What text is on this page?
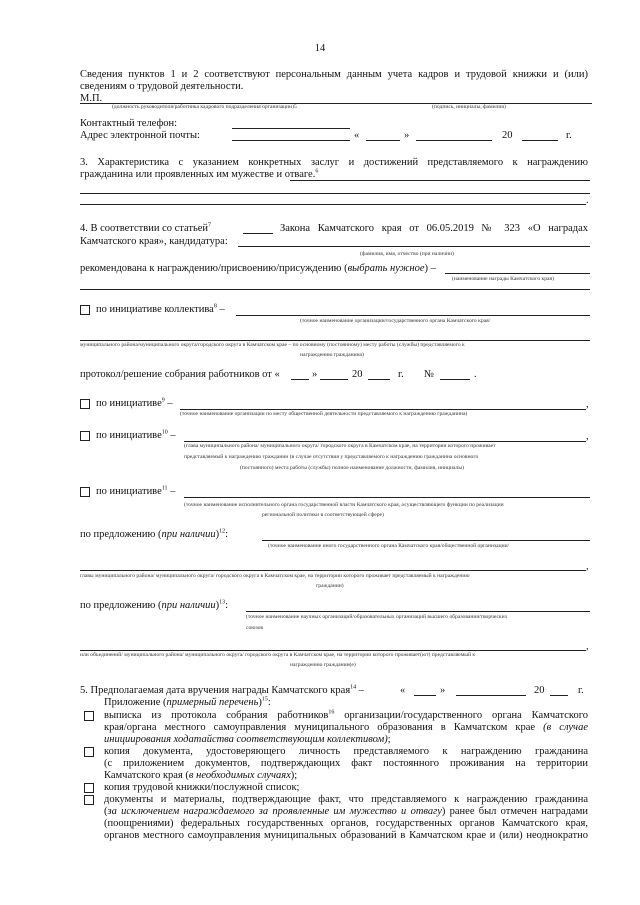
14
Сведения пунктов 1 и 2 соответствуют персональным данным учета кадров и трудовой книжки и (или)
сведениям о трудовой деятельности.
М.П.
(должность руководителя/работника кадрового подразделения организации)5	(подпись, инициалы, фамилия)
Контактный телефон:
Адрес электронной почты:	«	»	20	г.
3. Характеристика с указанием конкретных заслуг и достижений представляемого к награждению
гражданина или проявленных им мужестве и отваге.$^6$
.
4. В соответствии со статьей$^7$	Закона Камчатского края от 06.05.2019 № 323 «О наградах
Камчатского края», кандидатура:
(фамилия, имя, отчество (при наличии)
рекомендована к награждению/присвоению/присуждению (выбрать нужное) –
(наименование награды Камчатского края)
по инициативе коллектива$^8$ –
(точное наименование организации/государственного органа Камчатского края/
муниципального района/муниципального округа/городского округа в Камчатском крае – по основному (постоянному) месту работы (службы) представляемого к
награждению гражданина)
протокол/решение собрания работников от «	»	20	г. №	.
по инициативе$^9$ –	,
(точное наименование организации по месту общественной деятельности представляемого к награждению гражданина)
по инициативе$^{10}$ –	,
(глава муниципального района/ муниципального округа/ городского округа в Камчатском крае, на территории которого проживает
представляемый к награждению гражданин (в случае отсутствия у представляемого к награждению гражданина основного
(постоянного) места работы (службы) полное наименование должности, фамилия, инициалы)
по инициативе$^{11}$ –
(точное наименование исполнительного органа государственной власти Камчатского края, осуществляющего функции по реализации
региональной политики в соответствующей сфере)
по предложению (при наличии)$^{12}$:
(точное наименование иного государственного органа Камчатского края/общественной организации/
,
главы муниципального района/ муниципального округа/ городского округа в Камчатском крае, на территории которого проживает представляемый к награждению
гражданин)
по предложению (при наличии)$^{13}$:
(точное наименование научных организаций/образовательных организаций высшего образования/творческих
союзов
,
или объединений/ муниципального района/ муниципального округа/ городского округа в Камчатском крае, на территории которого проживает(ют) представляемый к
награждению гражданин(е)
5. Предполагаемая дата вручения награды Камчатского края$^{14}$ –	«	»	20	г.
Приложение (примерный перечень)$^{15}$:
выписка из протокола собрания работников$^{16}$ организации/государственного органа Камчатского
края/органа местного самоуправления муниципального образования в Камчатском крае (в случае
инициирования ходатайства соответствующим коллективом);
копия документа, удостоверяющего личность представляемого к награждению гражданина
(с приложением документов, подтверждающих факт постоянного проживания на территории
Камчатского края (в необходимых случаях);
копия трудовой книжки/послужной список;
документы и материалы, подтверждающие факт, что представляемого к награждению гражданина
(за исключением награждаемого за проявленные им мужество и отвагу) ранее был отмечен наградами
(поощрениями) федеральных государственных органов, государственных органов Камчатского края,
органов местного самоуправления муниципальных образований в Камчатском крае и (или) неоднократно
